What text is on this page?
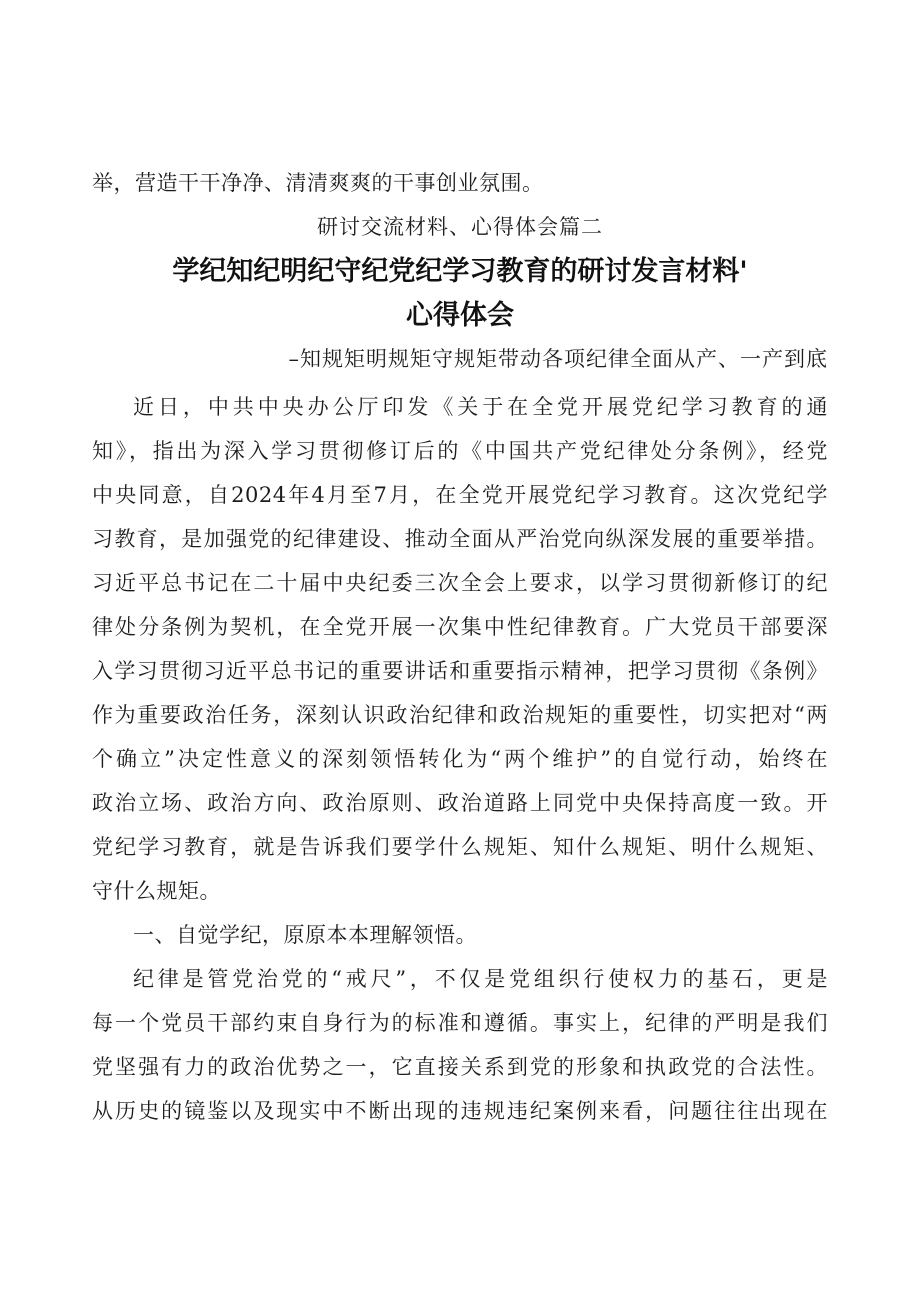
举，营造干干净净、清清爽爽的干事创业氛围。
研讨交流材料、心得体会篇二
学纪知纪明纪守纪党纪学习教育的研讨发言材料'
心得体会
–知规矩明规矩守规矩带动各项纪律全面从产、一产到底
近日，中共中央办公厅印发《关于在全党开展党纪学习教育的通
知》，指出为深入学习贯彻修订后的《中国共产党纪律处分条例》，经党
中央同意，自2024年4月至7月，在全党开展党纪学习教育。这次党纪学
习教育，是加强党的纪律建设、推动全面从严治党向纵深发展的重要举措。
习近平总书记在二十届中央纪委三次全会上要求，以学习贯彻新修订的纪
律处分条例为契机，在全党开展一次集中性纪律教育。广大党员干部要深
入学习贯彻习近平总书记的重要讲话和重要指示精神，把学习贯彻《条例》
作为重要政治任务，深刻认识政治纪律和政治规矩的重要性，切实把对“两
个确立”决定性意义的深刻领悟转化为“两个维护”的自觉行动，始终在
政治立场、政治方向、政治原则、政治道路上同党中央保持高度一致。开
党纪学习教育，就是告诉我们要学什么规矩、知什么规矩、明什么规矩、
守什么规矩。
一、自觉学纪，原原本本理解领悟。
纪律是管党治党的“戒尺”，不仅是党组织行使权力的基石，更是
每一个党员干部约束自身行为的标准和遵循。事实上，纪律的严明是我们
党坚强有力的政治优势之一，它直接关系到党的形象和执政党的合法性。
从历史的镜鉴以及现实中不断出现的违规违纪案例来看，问题往往出现在
